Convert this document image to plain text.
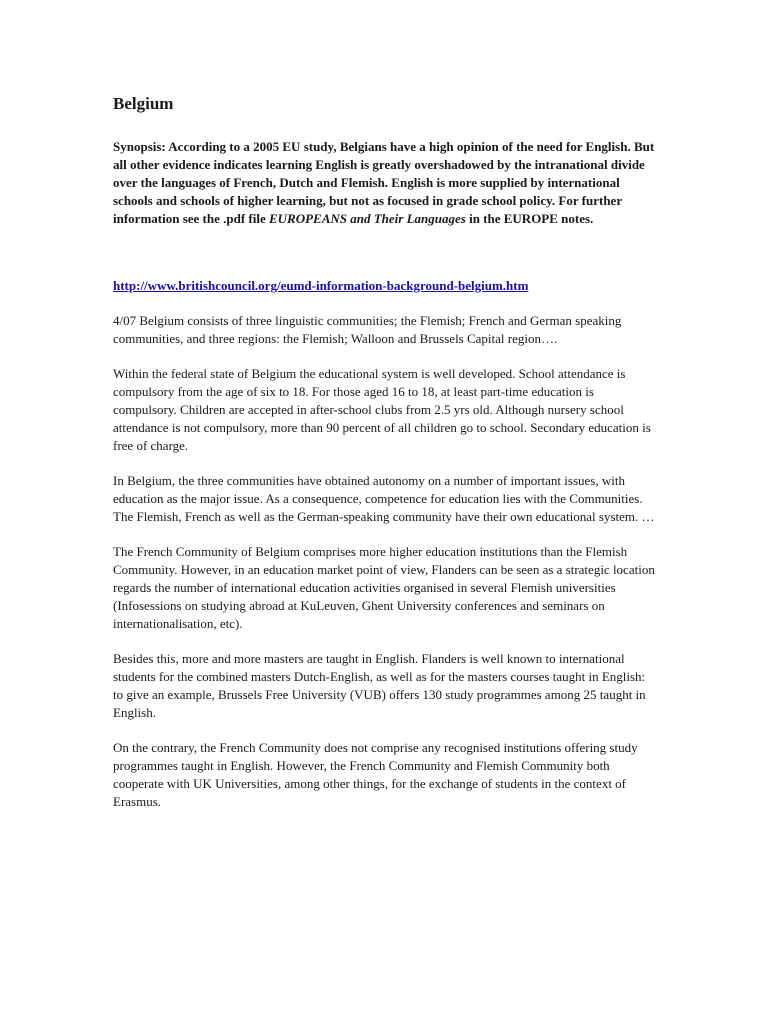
Belgium
Synopsis: According to a 2005 EU study, Belgians have a high opinion of the need for English. But all other evidence indicates learning English is greatly overshadowed by the intranational divide over the languages of French, Dutch and Flemish. English is more supplied by international schools and schools of higher learning, but not as focused in grade school policy. For further information see the .pdf file EUROPEANS and Their Languages in the EUROPE notes.
http://www.britishcouncil.org/eumd-information-background-belgium.htm

4/07 Belgium consists of three linguistic communities; the Flemish; French and German speaking communities, and three regions: the Flemish; Walloon and Brussels Capital region….

Within the federal state of Belgium the educational system is well developed. School attendance is compulsory from the age of six to 18. For those aged 16 to 18, at least part-time education is compulsory. Children are accepted in after-school clubs from 2.5 yrs old. Although nursery school attendance is not compulsory, more than 90 percent of all children go to school. Secondary education is free of charge.

In Belgium, the three communities have obtained autonomy on a number of important issues, with education as the major issue. As a consequence, competence for education lies with the Communities. The Flemish, French as well as the German-speaking community have their own educational system. …

The French Community of Belgium comprises more higher education institutions than the Flemish Community. However, in an education market point of view, Flanders can be seen as a strategic location regards the number of international education activities organised in several Flemish universities (Infosessions on studying abroad at KuLeuven, Ghent University conferences and seminars on internationalisation, etc).

Besides this, more and more masters are taught in English. Flanders is well known to international students for the combined masters Dutch-English, as well as for the masters courses taught in English: to give an example, Brussels Free University (VUB) offers 130 study programmes among 25 taught in English.

On the contrary, the French Community does not comprise any recognised institutions offering study programmes taught in English. However, the French Community and Flemish Community both cooperate with UK Universities, among other things, for the exchange of students in the context of Erasmus.
